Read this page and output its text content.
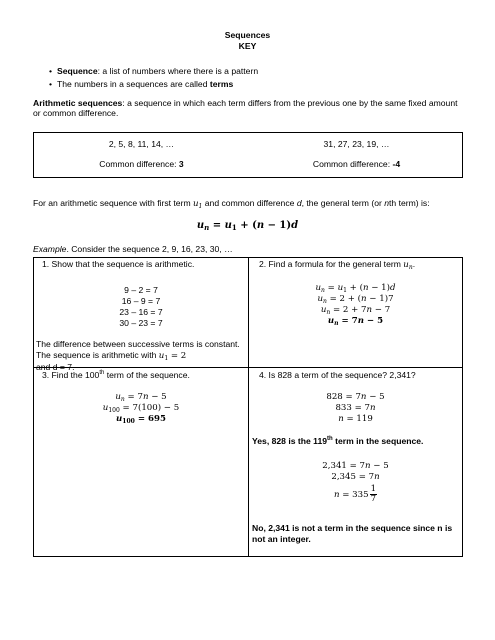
Sequences
KEY
• Sequence: a list of numbers where there is a pattern
• The numbers in a sequences are called terms
Arithmetic sequences: a sequence in which each term differs from the previous one by the same fixed amount or common difference.
2, 5, 8, 11, 14, …
Common difference: 3
31, 27, 23, 19, …
Common difference: -4
For an arithmetic sequence with first term $u_1$ and common difference d, the general term (or nth term) is:
$u_n = u_1 + (n - 1)d$
Example. Consider the sequence 2, 9, 16, 23, 30, …
1. Show that the sequence is arithmetic.
9 – 2 = 7
16 – 9 = 7
23 – 16 = 7
30 – 23 = 7
The difference between successive terms is constant. The sequence is arithmetic with $u_1 = 2$
and d = 7.
2. Find a formula for the general term $u_n$.
$u_n = u_1 + (n - 1)d$
$u_n = 2 + (n - 1)7$
$u_n = 2 + 7n - 7$
$u_n = 7n - 5$
3. Find the 100th term of the sequence.
$u_n = 7n - 5$
$u_{100} = 7(100) - 5$
$u_{100} = 695$
4. Is 828 a term of the sequence? 2,341?
828 = 7n − 5
833 = 7n
n = 119
Yes, 828 is the 119th term in the sequence.
2,341 = 7n − 5
2,345 = 7n
$n = 335 \frac{1}{7}$
No, 2,341 is not a term in the sequence since n is not an integer.
